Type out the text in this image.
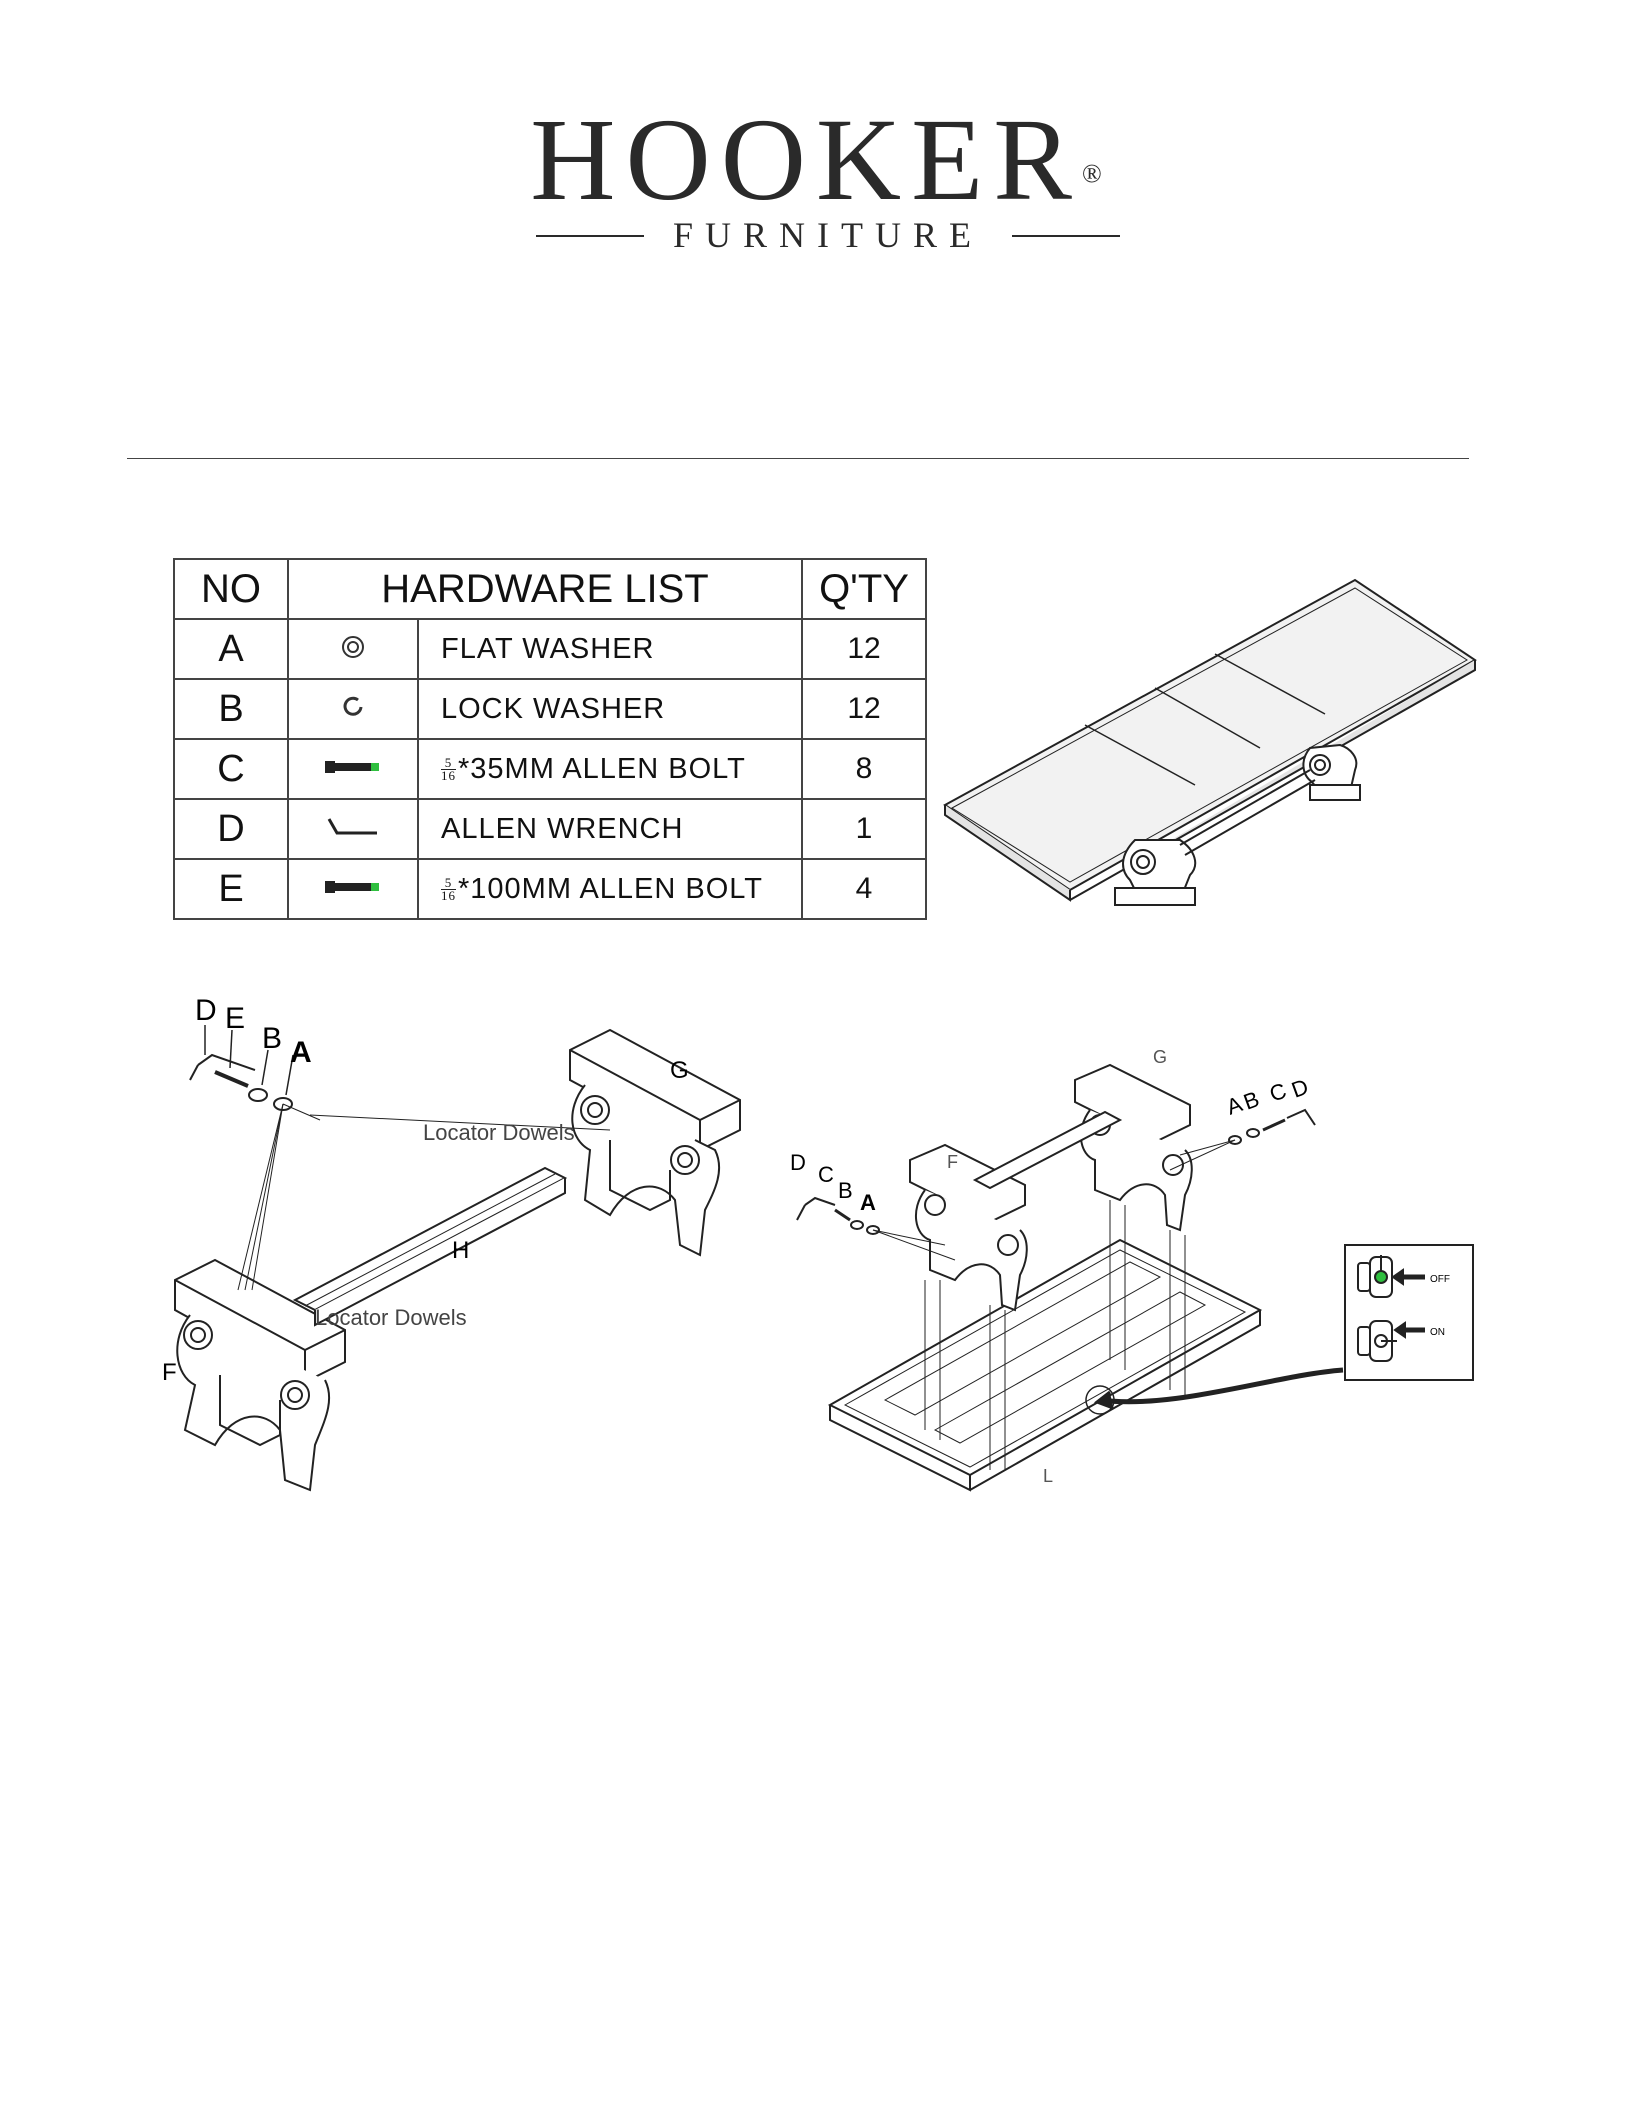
HOOKER®
FURNITURE
NO	HARDWARE LIST		Q'TY
A		FLAT WASHER	12
B		LOCK WASHER	12
C		$\frac{5}{16} *35MM$ ALLEN BOLT	8
D		ALLEN WRENCH	1
E		$\frac{5}{16} *100MM$ ALLEN BOLT	4
D E
B A
G
Locator Dowels
H
Locator Dowels
F
OFF
ON
D C
B A
G
F
L
A
B C
D
